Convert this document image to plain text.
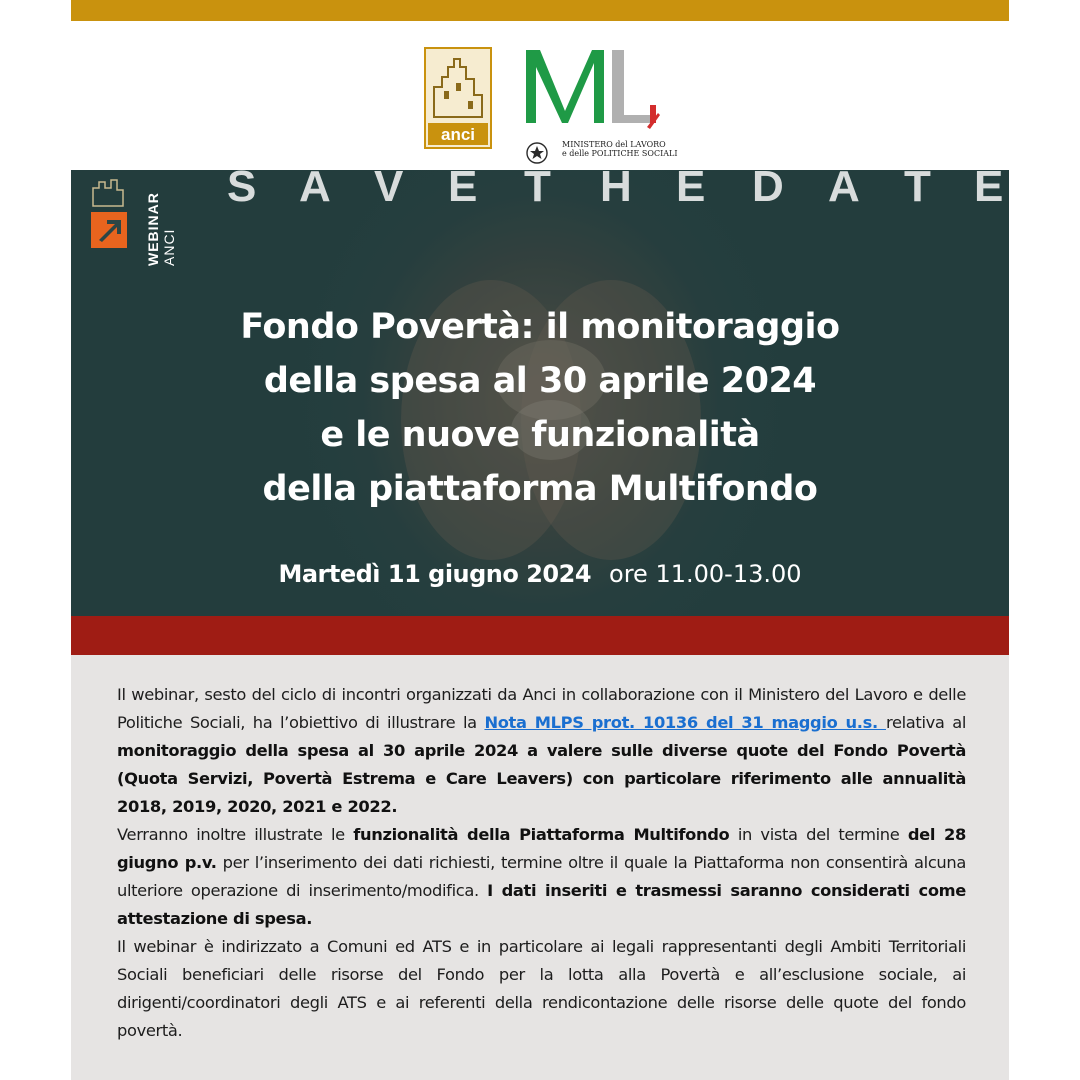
anci
MINISTERO del LAVORO
e delle POLITICHE SOCIALI
S A V E T H E D A T E
WEBINAR ANCI
Fondo Povertà: il monitoraggio
della spesa al 30 aprile 2024
e le nuove funzionalità
della piattaforma Multifondo
Martedì 11 giugno 2024 ore 11.00-13.00

Il webinar, sesto del ciclo di incontri organizzati da Anci in collaborazione con il Ministero del Lavoro e delle Politiche Sociali, ha l’obiettivo di illustrare la Nota MLPS prot. 10136 del 31 maggio u.s. relativa al monitoraggio della spesa al 30 aprile 2024 a valere sulle diverse quote del Fondo Povertà (Quota Servizi, Povertà Estrema e Care Leavers) con particolare riferimento alle annualità 2018, 2019, 2020, 2021 e 2022.

Verranno inoltre illustrate le funzionalità della Piattaforma Multifondo in vista del termine del 28 giugno p.v. per l’inserimento dei dati richiesti, termine oltre il quale la Piattaforma non consentirà alcuna ulteriore operazione di inserimento/modifica. I dati inseriti e trasmessi saranno considerati come attestazione di spesa.

Il webinar è indirizzato a Comuni ed ATS e in particolare ai legali rappresentanti degli Ambiti Territoriali Sociali beneficiari delle risorse del Fondo per la lotta alla Povertà e all’esclusione sociale, ai dirigenti/coordinatori degli ATS e ai referenti della rendicontazione delle risorse delle quote del fondo povertà.
